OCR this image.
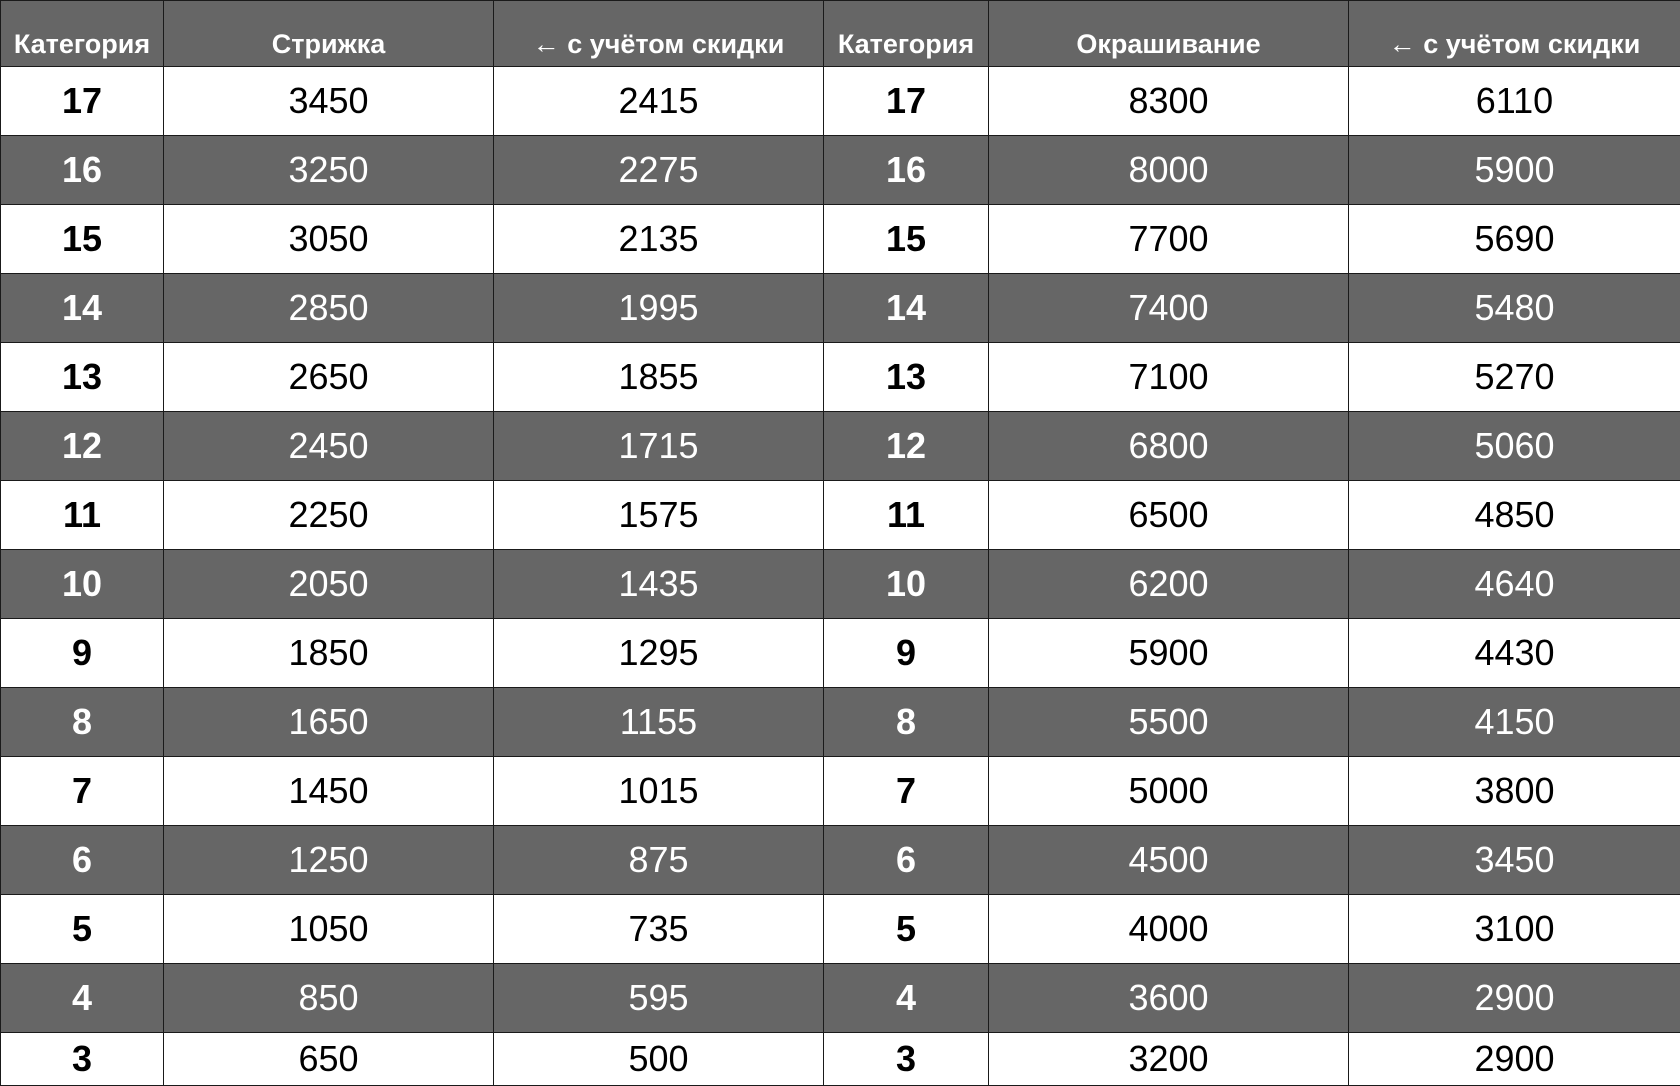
Категория	Стрижка	← с учётом скидки	Категория	Окрашивание	← с учётом скидки
17	3450	2415	17	8300	6110
16	3250	2275	16	8000	5900
15	3050	2135	15	7700	5690
14	2850	1995	14	7400	5480
13	2650	1855	13	7100	5270
12	2450	1715	12	6800	5060
11	2250	1575	11	6500	4850
10	2050	1435	10	6200	4640
9	1850	1295	9	5900	4430
8	1650	1155	8	5500	4150
7	1450	1015	7	5000	3800
6	1250	875	6	4500	3450
5	1050	735	5	4000	3100
4	850	595	4	3600	2900
3	650	500	3	3200	2900
